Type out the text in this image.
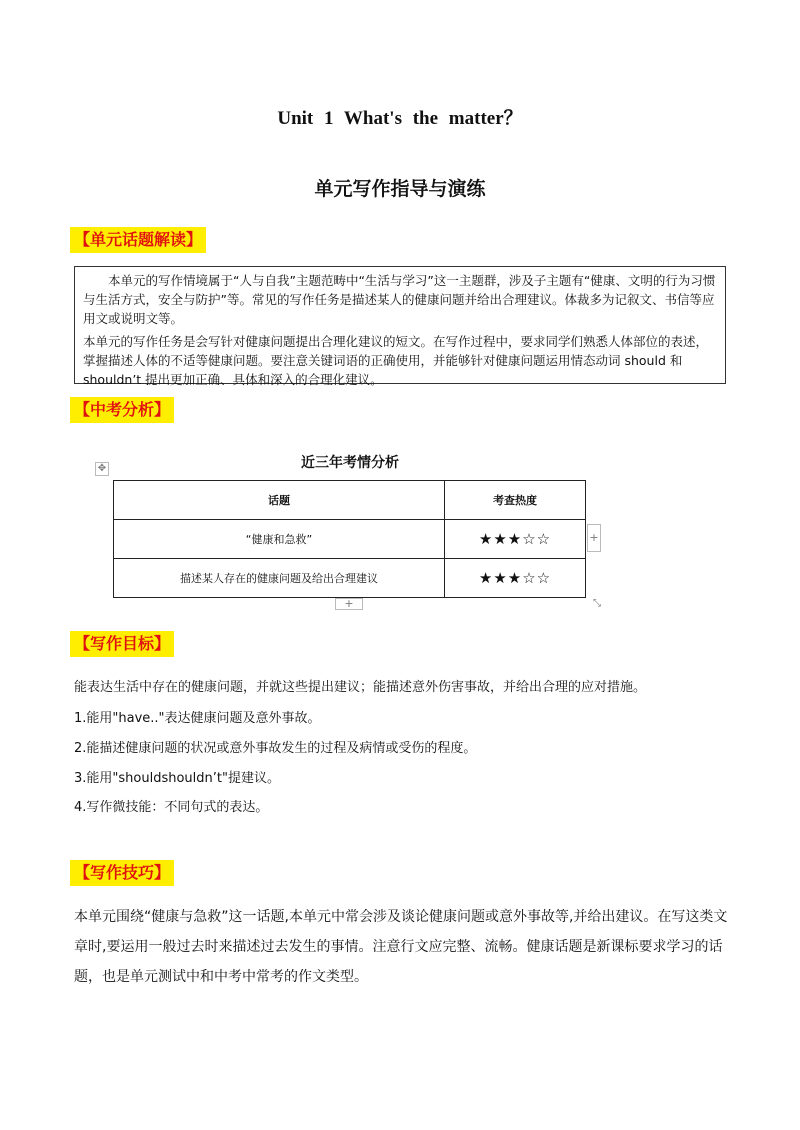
Unit 1 What's the matter？
单元写作指导与演练
【单元话题解读】

本单元的写作情境属于“人与自我”主题范畴中“生活与学习”这一主题群，涉及子主题有“健康、文明的行为习惯与生活方式，安全与防护”等。常见的写作任务是描述某人的健康问题并给出合理建议。体裁多为记叙文、书信等应用文或说明文等。

本单元的写作任务是会写针对健康问题提出合理化建议的短文。在写作过程中，要求同学们熟悉人体部位的表述，掌握描述人体的不适等健康问题。要注意关键词语的正确使用，并能够针对健康问题运用情态动词 should 和 shouldn’t 提出更加正确、具体和深入的合理化建议。

【中考分析】
✥	近三年考情分析
话题	考查热度
“健康和急救”	★★★☆☆
描述某人存在的健康问题及给出合理建议	★★★☆☆
+
+	⤡
【写作目标】
能表达生活中存在的健康问题，并就这些提出建议；能描述意外伤害事故，并给出合理的应对措施。
1.能用"have.."表达健康问题及意外事故。
2.能描述健康问题的状况或意外事故发生的过程及病情或受伤的程度。
3.能用"shouldshouldn’t"提建议。
4.写作微技能：不同句式的表达。
【写作技巧】

本单元围绕“健康与急救”这一话题,本单元中常会涉及谈论健康问题或意外事故等,并给出建议。在写这类文章时,要运用一般过去时来描述过去发生的事情。注意行文应完整、流畅。健康话题是新课标要求学习的话题，也是单元测试中和中考中常考的作文类型。
